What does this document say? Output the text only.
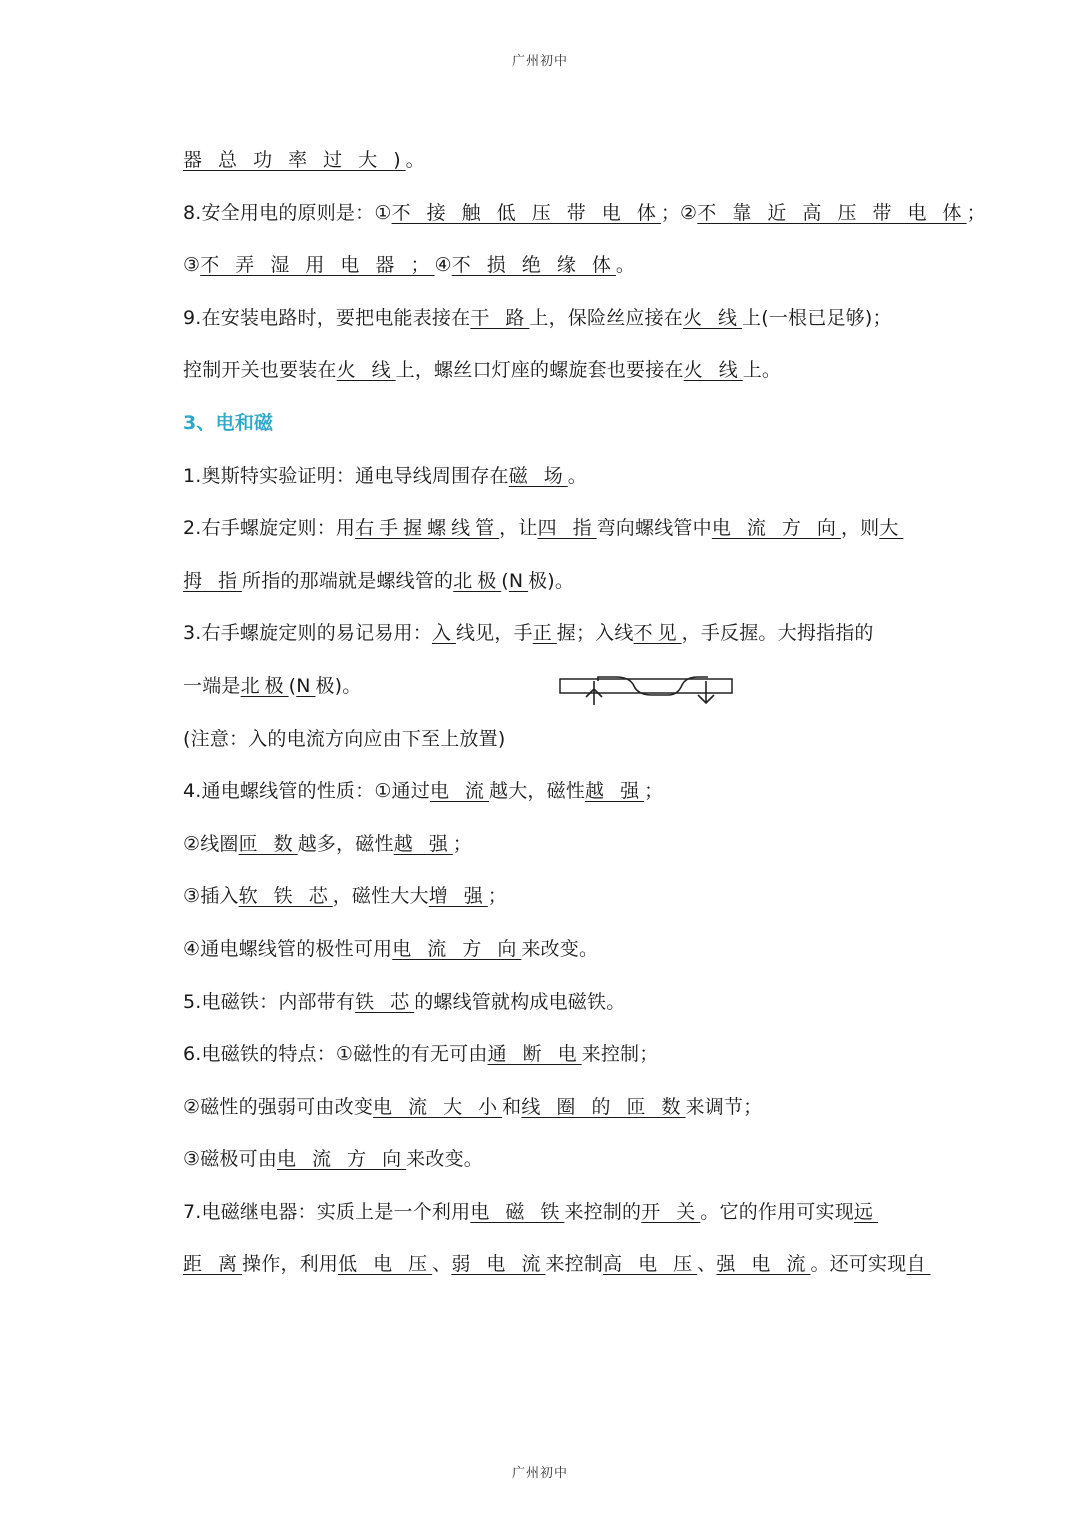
广州初中
器 总 功 率 过 大 )。
8.安全用电的原则是：①不 接 触 低 压 带 电 体；②不 靠 近 高 压 带 电 体；
③不 弄 湿 用 电 器 ；④不 损 绝 缘 体。
9.在安装电路时，要把电能表接在干 路上，保险丝应接在火 线上(一根已足够)；
控制开关也要装在火 线上，螺丝口灯座的螺旋套也要接在火 线上。
3、电和磁
1.奥斯特实验证明：通电导线周围存在磁 场。
2.右手螺旋定则：用右手握螺线管，让四 指弯向螺线管中电 流 方 向，则大
拇 指所指的那端就是螺线管的北极(N极)。
3.右手螺旋定则的易记易用：入线见，手正握；入线不见，手反握。大拇指指的
一端是北极(N极)。
(注意：入的电流方向应由下至上放置)
4.通电螺线管的性质：①通过电 流越大，磁性越 强；
②线圈匝 数越多，磁性越 强；
③插入软 铁 芯，磁性大大增 强；
④通电螺线管的极性可用电 流 方 向来改变。
5.电磁铁：内部带有铁 芯的螺线管就构成电磁铁。
6.电磁铁的特点：①磁性的有无可由通 断 电来控制；
②磁性的强弱可由改变电 流 大 小和线 圈 的 匝 数来调节；
③磁极可由电 流 方 向来改变。
7.电磁继电器：实质上是一个利用电 磁 铁来控制的开 关。它的作用可实现远
距 离操作，利用低 电 压、弱 电 流来控制高 电 压、强 电 流。还可实现自
广州初中
